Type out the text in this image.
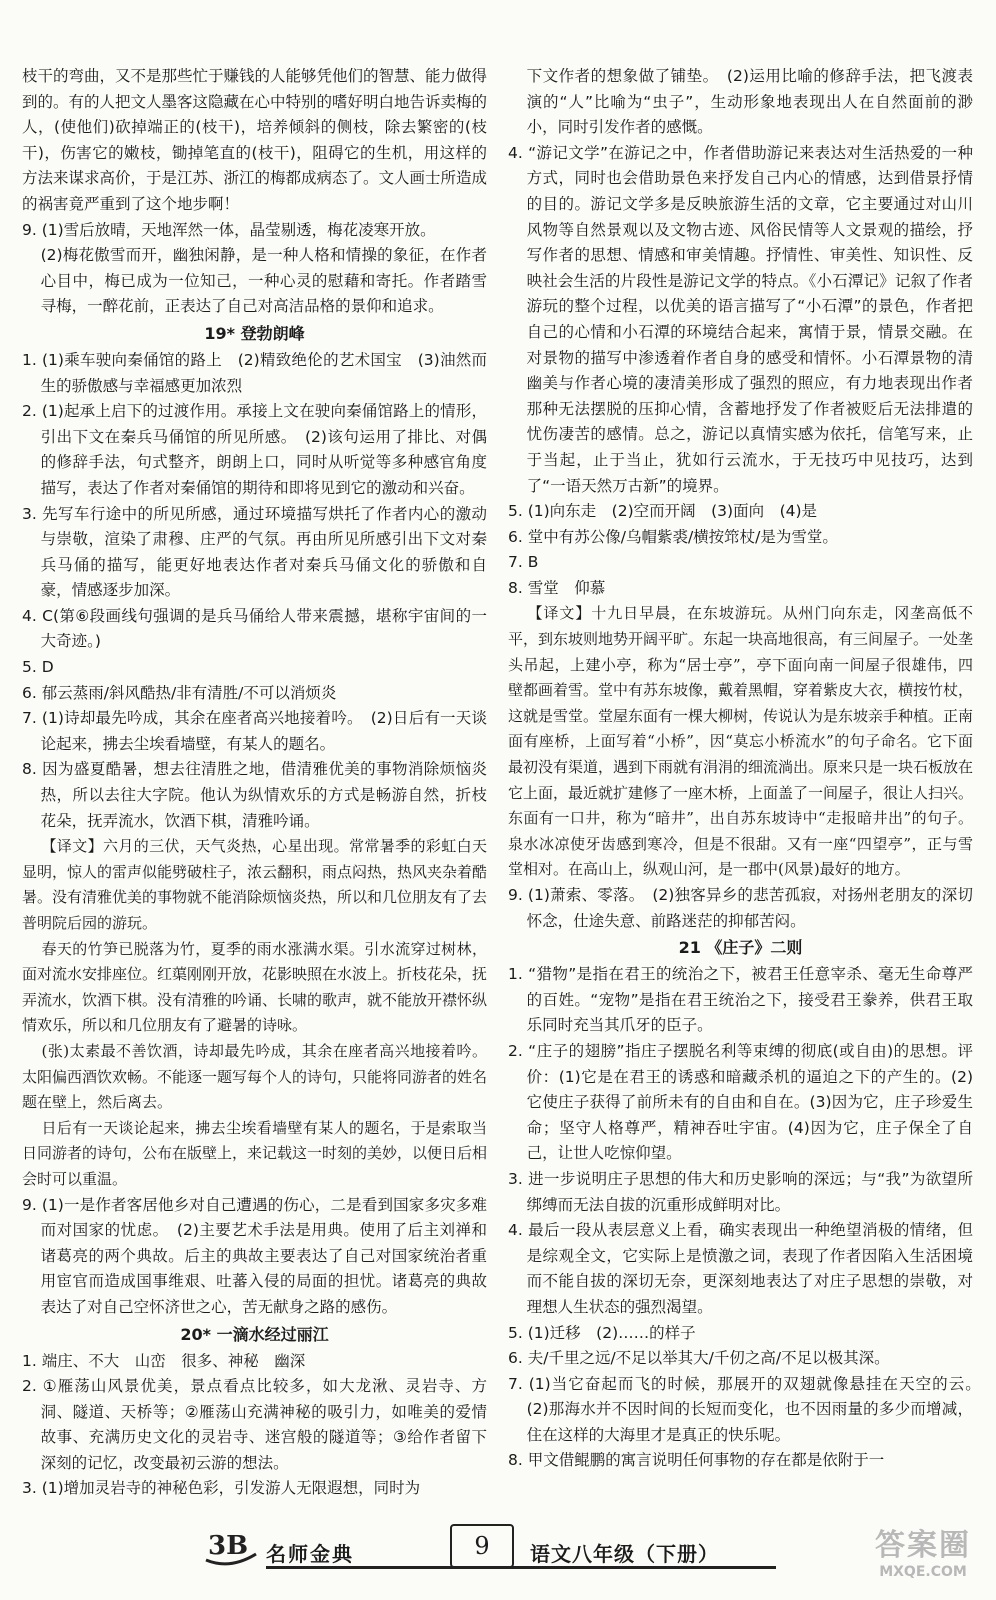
枝干的弯曲，又不是那些忙于赚钱的人能够凭他们的智慧、能力做得到的。有的人把文人墨客这隐藏在心中特别的嗜好明白地告诉卖梅的人，(使他们)砍掉端正的(枝干)，培养倾斜的侧枝，除去繁密的(枝干)，伤害它的嫩枝，锄掉笔直的(枝干)，阻碍它的生机，用这样的方法来谋求高价，于是江苏、浙江的梅都成病态了。文人画士所造成的祸害竟严重到了这个地步啊！

9. (1)雪后放晴，天地浑然一体，晶莹剔透，梅花凌寒开放。

(2)梅花傲雪而开，幽独闲静，是一种人格和情操的象征，在作者心目中，梅已成为一位知己，一种心灵的慰藉和寄托。作者踏雪寻梅，一醉花前，正表达了自己对高洁品格的景仰和追求。

19* 登勃朗峰

1. (1)乘车驶向秦俑馆的路上　(2)精致绝伦的艺术国宝　(3)油然而生的骄傲感与幸福感更加浓烈

2. (1)起承上启下的过渡作用。承接上文在驶向秦俑馆路上的情形，引出下文在秦兵马俑馆的所见所感。　(2)该句运用了排比、对偶的修辞手法，句式整齐，朗朗上口，同时从听觉等多种感官角度描写，表达了作者对秦俑馆的期待和即将见到它的激动和兴奋。

3. 先写车行途中的所见所感，通过环境描写烘托了作者内心的激动与崇敬，渲染了肃穆、庄严的气氛。再由所见所感引出下文对秦兵马俑的描写，能更好地表达作者对秦兵马俑文化的骄傲和自豪，情感逐步加深。

4. C(第⑥段画线句强调的是兵马俑给人带来震撼，堪称宇宙间的一大奇迹。)

5. D

6. 郁云蒸雨/斜风酷热/非有清胜/不可以消烦炎

7. (1)诗却最先吟成，其余在座者高兴地接着吟。　(2)日后有一天谈论起来，拂去尘埃看墙壁，有某人的题名。

8. 因为盛夏酷暑，想去往清胜之地，借清雅优美的事物消除烦恼炎热，所以去往大字院。他认为纵情欢乐的方式是畅游自然，折枝花朵，抚弄流水，饮酒下棋，清雅吟诵。

【译文】六月的三伏，天气炎热，心星出现。常常暑季的彩虹白天显明，惊人的雷声似能劈破柱子，浓云翻积，雨点闷热，热风夹杂着酷暑。没有清雅优美的事物就不能消除烦恼炎热，所以和几位朋友有了去普明院后园的游玩。

春天的竹笋已脱落为竹，夏季的雨水涨满水渠。引水流穿过树林，面对流水安排座位。红蕖刚刚开放，花影映照在水波上。折枝花朵，抚弄流水，饮酒下棋。没有清雅的吟诵、长啸的歌声，就不能放开襟怀纵情欢乐，所以和几位朋友有了避暑的诗咏。

(张)太素最不善饮酒，诗却最先吟成，其余在座者高兴地接着吟。太阳偏西酒饮欢畅。不能逐一题写每个人的诗句，只能将同游者的姓名题在壁上，然后离去。

日后有一天谈论起来，拂去尘埃看墙壁有某人的题名，于是索取当日同游者的诗句，公布在版壁上，来记载这一时刻的美妙，以便日后相会时可以重温。

9. (1)一是作者客居他乡对自己遭遇的伤心，二是看到国家多灾多难而对国家的忧虑。　(2)主要艺术手法是用典。使用了后主刘禅和诸葛亮的两个典故。后主的典故主要表达了自己对国家统治者重用宦官而造成国事维艰、吐蕃入侵的局面的担忧。诸葛亮的典故表达了对自己空怀济世之心，苦无献身之路的感伤。

20* 一滴水经过丽江

1. 端庄、不大　山峦　很多、神秘　幽深

2. ①雁荡山风景优美，景点看点比较多，如大龙湫、灵岩寺、方洞、隧道、天桥等；②雁荡山充满神秘的吸引力，如唯美的爱情故事、充满历史文化的灵岩寺、迷宫般的隧道等；③给作者留下深刻的记忆，改变最初云游的想法。

3. (1)增加灵岩寺的神秘色彩，引发游人无限遐想，同时为

下文作者的想象做了铺垫。　(2)运用比喻的修辞手法，把飞渡表演的“人”比喻为“虫子”，生动形象地表现出人在自然面前的渺小，同时引发作者的感慨。

4. “游记文学”在游记之中，作者借助游记来表达对生活热爱的一种方式，同时也会借助景色来抒发自己内心的情感，达到借景抒情的目的。游记文学多是反映旅游生活的文章，它主要通过对山川风物等自然景观以及文物古迹、风俗民情等人文景观的描绘，抒写作者的思想、情感和审美情趣。抒情性、审美性、知识性、反映社会生活的片段性是游记文学的特点。《小石潭记》记叙了作者游玩的整个过程，以优美的语言描写了“小石潭”的景色，作者把自己的心情和小石潭的环境结合起来，寓情于景，情景交融。在对景物的描写中渗透着作者自身的感受和情怀。小石潭景物的清幽美与作者心境的凄清美形成了强烈的照应，有力地表现出作者那种无法摆脱的压抑心情，含蓄地抒发了作者被贬后无法排遣的忧伤凄苦的感情。总之，游记以真情实感为依托，信笔写来，止于当起，止于当止，犹如行云流水，于无技巧中见技巧，达到了“一语天然万古新”的境界。

5. (1)向东走　(2)空而开阔　(3)面向　(4)是

6. 堂中有苏公像/乌帽紫裘/横按筇杖/是为雪堂。

7. B

8. 雪堂　仰慕

【译文】十九日早晨，在东坡游玩。从州门向东走，冈垄高低不平，到东坡则地势开阔平旷。东起一块高地很高，有三间屋子。一处垄头吊起，上建小亭，称为“居士亭”，亭下面向南一间屋子很雄伟，四壁都画着雪。堂中有苏东坡像，戴着黑帽，穿着紫皮大衣，横按竹杖，这就是雪堂。堂屋东面有一棵大柳树，传说认为是东坡亲手种植。正南面有座桥，上面写着“小桥”，因“莫忘小桥流水”的句子命名。它下面最初没有渠道，遇到下雨就有涓涓的细流淌出。原来只是一块石板放在它上面，最近就扩建修了一座木桥，上面盖了一间屋子，很让人扫兴。东面有一口井，称为“暗井”，出自苏东坡诗中“走报暗井出”的句子。泉水冰凉使牙齿感到寒冷，但是不很甜。又有一座“四望亭”，正与雪堂相对。在高山上，纵观山河，是一郡中(风景)最好的地方。

9. (1)萧索、零落。　(2)独客异乡的悲苦孤寂，对扬州老朋友的深切怀念，仕途失意、前路迷茫的抑郁苦闷。

21 《庄子》二则

1. “猎物”是指在君王的统治之下，被君王任意宰杀、毫无生命尊严的百姓。“宠物”是指在君王统治之下，接受君王豢养，供君王取乐同时充当其爪牙的臣子。

2. “庄子的翅膀”指庄子摆脱名利等束缚的彻底(或自由)的思想。评价：(1)它是在君王的诱惑和暗藏杀机的逼迫之下的产生的。(2)它使庄子获得了前所未有的自由和自在。(3)因为它，庄子珍爱生命；坚守人格尊严，精神吞吐宇宙。(4)因为它，庄子保全了自己，让世人吃惊仰望。

3. 进一步说明庄子思想的伟大和历史影响的深远；与“我”为欲望所绑缚而无法自拔的沉重形成鲜明对比。

4. 最后一段从表层意义上看，确实表现出一种绝望消极的情绪，但是综观全文，它实际上是愤激之词，表现了作者因陷入生活困境而不能自拔的深切无奈，更深刻地表达了对庄子思想的崇敬，对理想人生状态的强烈渴望。

5. (1)迁移　(2)……的样子

6. 夫/千里之远/不足以举其大/千仞之高/不足以极其深。

7. (1)当它奋起而飞的时候，那展开的双翅就像悬挂在天空的云。　(2)那海水并不因时间的长短而变化，也不因雨量的多少而增减，住在这样的大海里才是真正的快乐呢。

8. 甲文借鲲鹏的寓言说明任何事物的存在都是依附于一

3B 名师金典	9	语文八年级（下册）	答案圈
MXQE.COM
